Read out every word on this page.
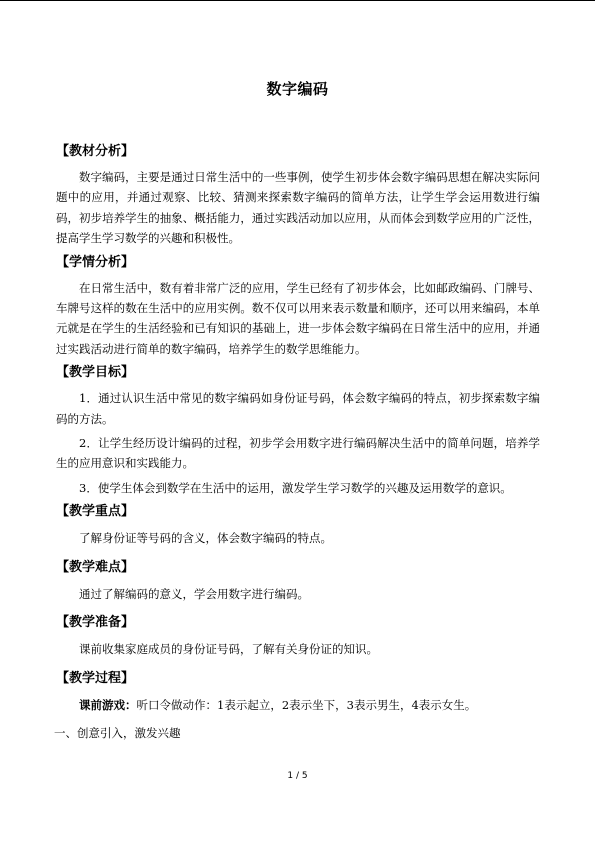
数字编码
【教材分析】

数字编码，主要是通过日常生活中的一些事例，使学生初步体会数字编码思想在解决实际问题中的应用，并通过观察、比较、猜测来探索数字编码的简单方法，让学生学会运用数进行编码，初步培养学生的抽象、概括能力，通过实践活动加以应用，从而体会到数学应用的广泛性，提高学生学习数学的兴趣和积极性。

【学情分析】

在日常生活中，数有着非常广泛的应用，学生已经有了初步体会，比如邮政编码、门牌号、车牌号这样的数在生活中的应用实例。数不仅可以用来表示数量和顺序，还可以用来编码，本单元就是在学生的生活经验和已有知识的基础上，进一步体会数字编码在日常生活中的应用，并通过实践活动进行简单的数字编码，培养学生的数学思维能力。

【教学目标】

1．通过认识生活中常见的数字编码如身份证号码，体会数字编码的特点，初步探索数字编码的方法。

2．让学生经历设计编码的过程，初步学会用数字进行编码解决生活中的简单问题，培养学生的应用意识和实践能力。

3．使学生体会到数学在生活中的运用，激发学生学习数学的兴趣及运用数学的意识。

【教学重点】

了解身份证等号码的含义，体会数字编码的特点。

【教学难点】

通过了解编码的意义，学会用数字进行编码。

【教学准备】

课前收集家庭成员的身份证号码，了解有关身份证的知识。

【教学过程】

课前游戏：听口令做动作：1表示起立，2表示坐下，3表示男生，4表示女生。

一、创意引入，激发兴趣
1 / 5
